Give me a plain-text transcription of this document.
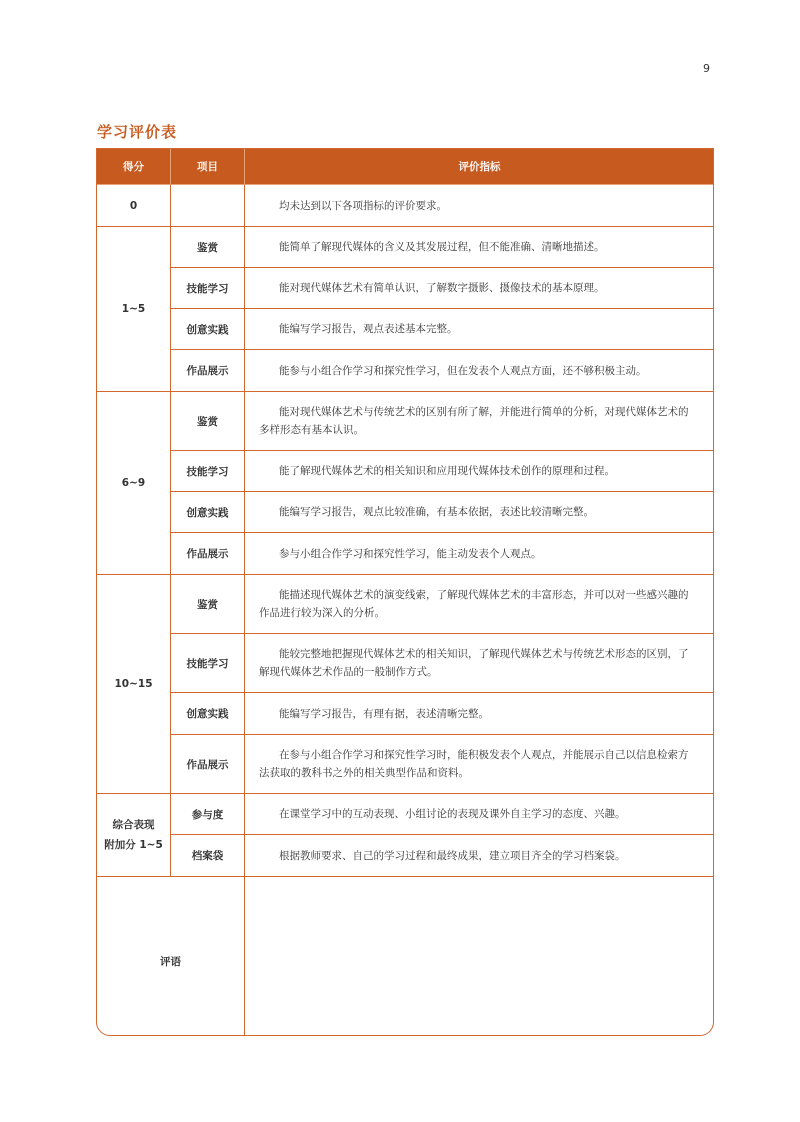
9
学习评价表
得分	项目	评价指标
0		均未达到以下各项指标的评价要求。
1~5	鉴赏	能简单了解现代媒体的含义及其发展过程，但不能准确、清晰地描述。
	技能学习	能对现代媒体艺术有简单认识，了解数字摄影、摄像技术的基本原理。
	创意实践	能编写学习报告，观点表述基本完整。
	作品展示	能参与小组合作学习和探究性学习，但在发表个人观点方面，还不够积极主动。
6~9	鉴赏	能对现代媒体艺术与传统艺术的区别有所了解，并能进行简单的分析，对现代媒体艺术的多样形态有基本认识。
	技能学习	能了解现代媒体艺术的相关知识和应用现代媒体技术创作的原理和过程。
	创意实践	能编写学习报告，观点比较准确，有基本依据，表述比较清晰完整。
	作品展示	参与小组合作学习和探究性学习，能主动发表个人观点。
10~15	鉴赏	能描述现代媒体艺术的演变线索，了解现代媒体艺术的丰富形态，并可以对一些感兴趣的作品进行较为深入的分析。
	技能学习	能较完整地把握现代媒体艺术的相关知识，了解现代媒体艺术与传统艺术形态的区别，了解现代媒体艺术作品的一般制作方式。
	创意实践	能编写学习报告，有理有据，表述清晰完整。
	作品展示	在参与小组合作学习和探究性学习时，能积极发表个人观点，并能展示自己以信息检索方法获取的教科书之外的相关典型作品和资料。

综合表现
附加分 1~5	参与度	在课堂学习中的互动表现、小组讨论的表现及课外自主学习的态度、兴趣。
	档案袋	根据教师要求、自己的学习过程和最终成果，建立项目齐全的学习档案袋。
评语		
